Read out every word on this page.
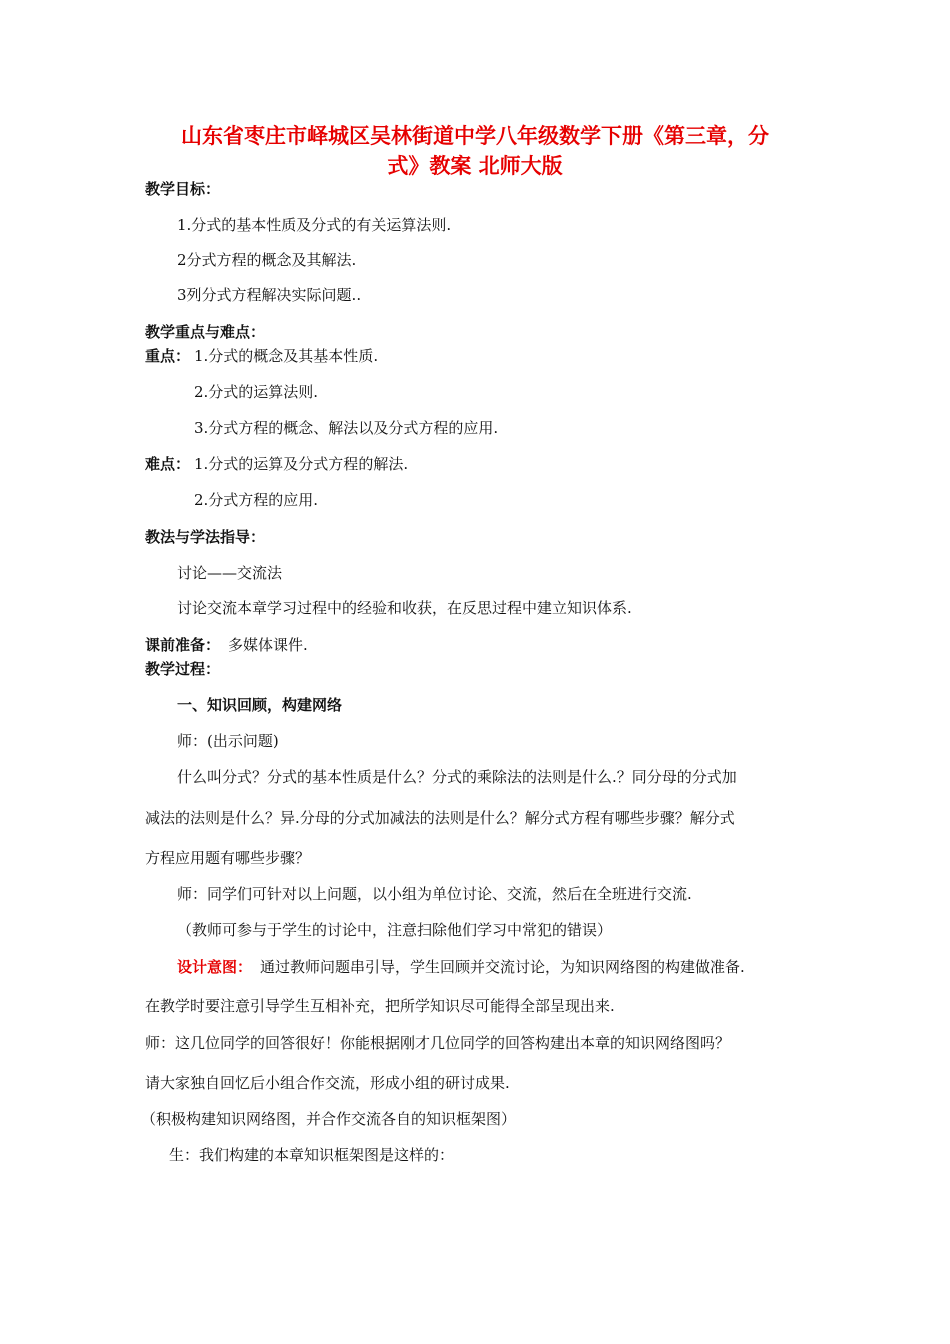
山东省枣庄市峄城区吴林街道中学八年级数学下册《第三章，分
式》教案 北师大版
教学目标：
1.分式的基本性质及分式的有关运算法则.
2分式方程的概念及其解法.
3列分式方程解决实际问题..
教学重点与难点：
重点： 1.分式的概念及其基本性质.
2.分式的运算法则.
3.分式方程的概念、解法以及分式方程的应用.
难点： 1.分式的运算及分式方程的解法.
2.分式方程的应用.
教法与学法指导：
讨论——交流法
讨论交流本章学习过程中的经验和收获，在反思过程中建立知识体系.
课前准备： 多媒体课件.
教学过程：
一、知识回顾，构建网络
师：(出示问题)
什么叫分式？分式的基本性质是什么？分式的乘除法的法则是什么.？同分母的分式加
减法的法则是什么？异.分母的分式加减法的法则是什么？解分式方程有哪些步骤？解分式
方程应用题有哪些步骤？
师：同学们可针对以上问题，以小组为单位讨论、交流，然后在全班进行交流.
（教师可参与于学生的讨论中，注意扫除他们学习中常犯的错误）
设计意图： 通过教师问题串引导，学生回顾并交流讨论，为知识网络图的构建做准备.
在教学时要注意引导学生互相补充，把所学知识尽可能得全部呈现出来.
师：这几位同学的回答很好！你能根据刚才几位同学的回答构建出本章的知识网络图吗？
请大家独自回忆后小组合作交流，形成小组的研讨成果.
（积极构建知识网络图，并合作交流各自的知识框架图）
生：我们构建的本章知识框架图是这样的：
